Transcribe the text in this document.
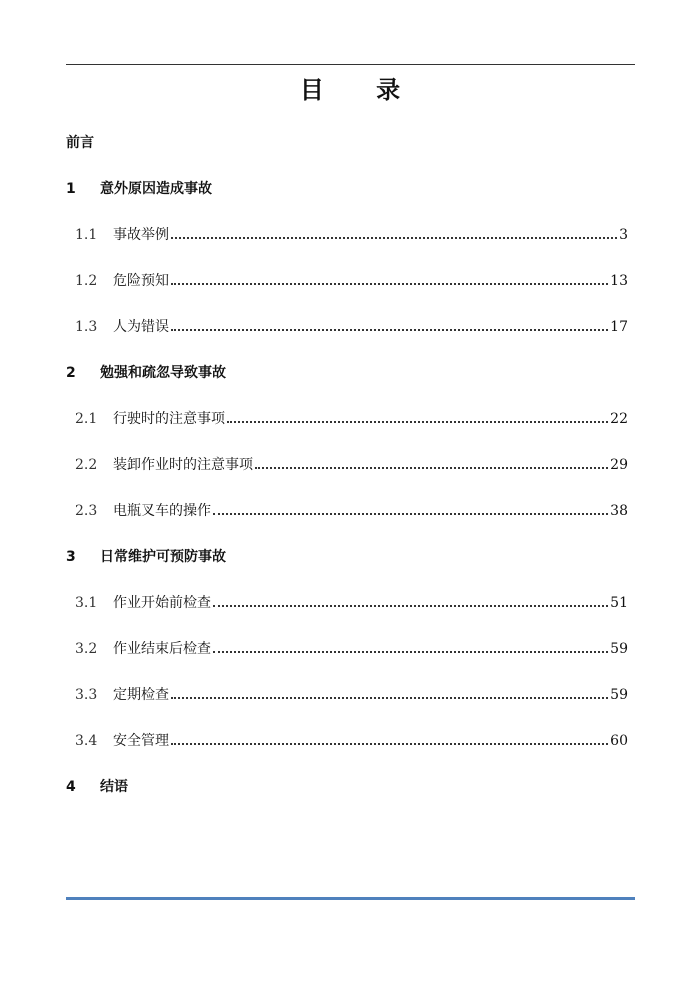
目 录
前言
1	意外原因造成事故
1.1	事故举例	3
1.2	危险预知	13
1.3	人为错误	17
2	勉强和疏忽导致事故
2.1	行驶时的注意事项	22
2.2	装卸作业时的注意事项	29
2.3	电瓶叉车的操作	38
3	日常维护可预防事故
3.1	作业开始前检查	51
3.2	作业结束后检查	59
3.3	定期检查	59
3.4	安全管理	60
4	结语
